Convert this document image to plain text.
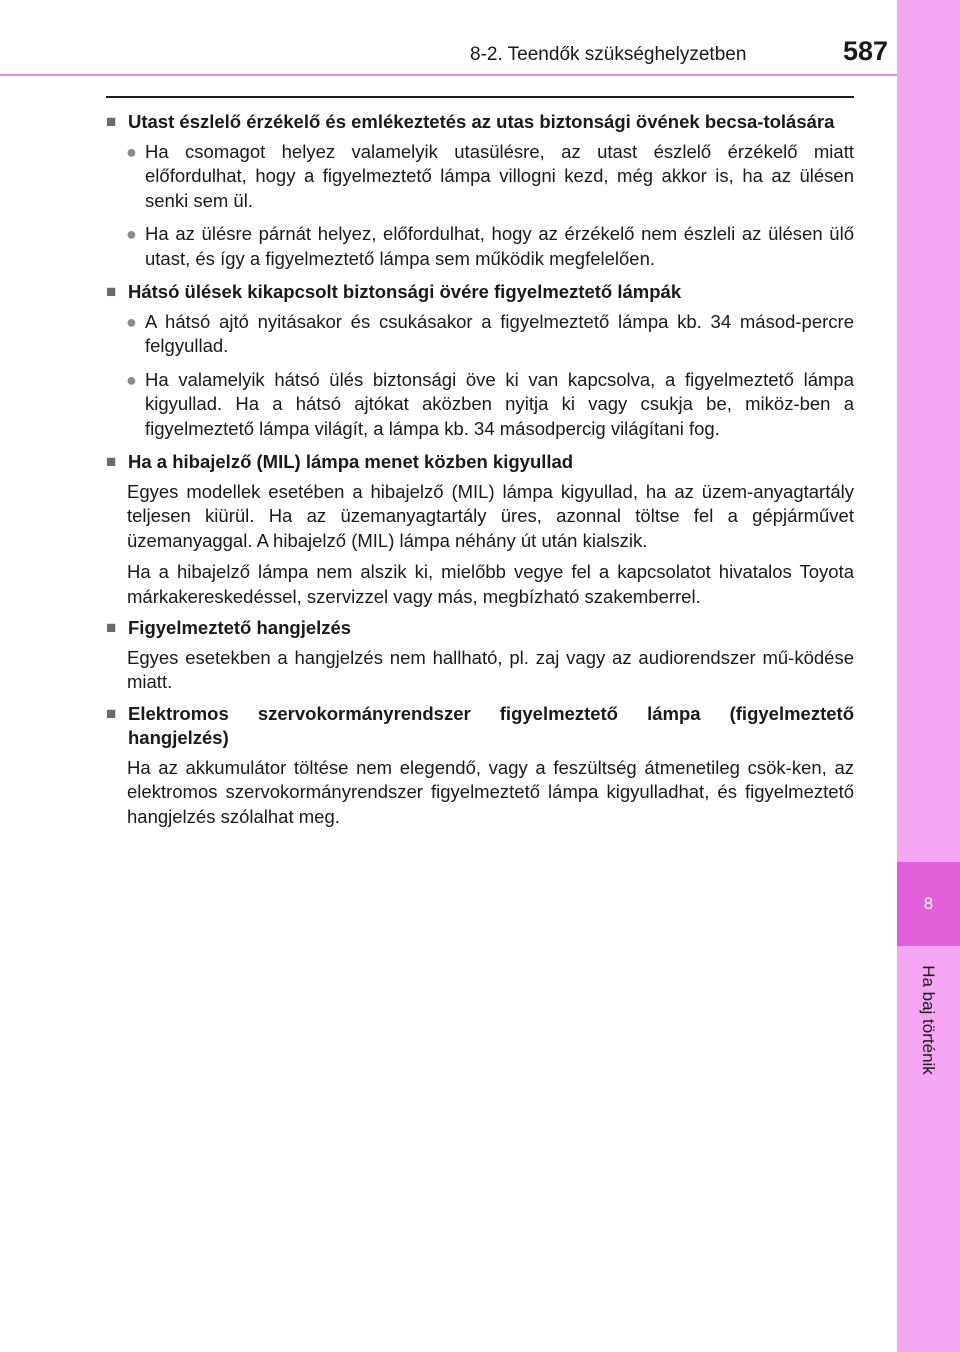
8
Ha baj történik
8-2. Teendők szükséghelyzetben	587
■ Utast észlelő érzékelő és emlékeztetés az utas biztonsági övének becsa-tolására
● Ha csomagot helyez valamelyik utasülésre, az utast észlelő érzékelő miatt előfordulhat, hogy a figyelmeztető lámpa villogni kezd, még akkor is, ha az ülésen senki sem ül.
● Ha az ülésre párnát helyez, előfordulhat, hogy az érzékelő nem észleli az ülésen ülő utast, és így a figyelmeztető lámpa sem működik megfelelően.
■ Hátsó ülések kikapcsolt biztonsági övére figyelmeztető lámpák
● A hátsó ajtó nyitásakor és csukásakor a figyelmeztető lámpa kb. 34 másod-percre felgyullad.
● Ha valamelyik hátsó ülés biztonsági öve ki van kapcsolva, a figyelmeztető lámpa kigyullad. Ha a hátsó ajtókat aközben nyitja ki vagy csukja be, miköz-ben a figyelmeztető lámpa világít, a lámpa kb. 34 másodpercig világítani fog.
■ Ha a hibajelző (MIL) lámpa menet közben kigyullad
Egyes modellek esetében a hibajelző (MIL) lámpa kigyullad, ha az üzem-anyagtartály teljesen kiürül. Ha az üzemanyagtartály üres, azonnal töltse fel a gépjárművet üzemanyaggal. A hibajelző (MIL) lámpa néhány út után kialszik.
Ha a hibajelző lámpa nem alszik ki, mielőbb vegye fel a kapcsolatot hivatalos Toyota márkakereskedéssel, szervizzel vagy más, megbízható szakemberrel.
■ Figyelmeztető hangjelzés
Egyes esetekben a hangjelzés nem hallható, pl. zaj vagy az audiorendszer mű-ködése miatt.
■ Elektromos szervokormányrendszer figyelmeztető lámpa (figyelmeztető hangjelzés)
Ha az akkumulátor töltése nem elegendő, vagy a feszültség átmenetileg csök-ken, az elektromos szervokormányrendszer figyelmeztető lámpa kigyulladhat, és figyelmeztető hangjelzés szólalhat meg.
